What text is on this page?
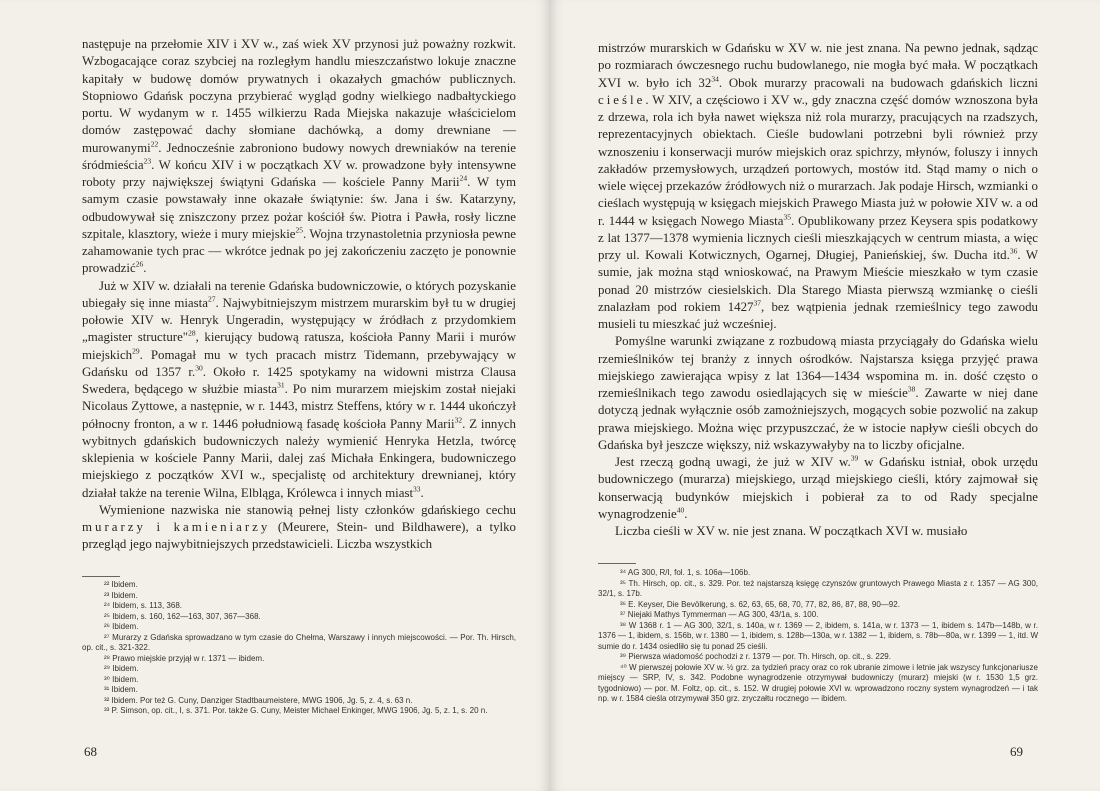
następuje na przełomie XIV i XV w., zaś wiek XV przynosi już poważny rozkwit. Wzbogacające coraz szybciej na rozległym handlu mieszczaństwo lokuje znaczne kapitały w budowę domów prywatnych i okazałych gmachów publicznych. Stopniowo Gdańsk poczyna przybierać wygląd godny wielkiego nadbałtyckiego portu. W wydanym w r. 1455 wilkierzu Rada Miejska nakazuje właścicielom domów zastępować dachy słomiane dachówką, a domy drewniane — murowanymi$^{22}$. Jednocześnie zabroniono budowy nowych drewniaków na terenie śródmieścia$^{23}$. W końcu XIV i w początkach XV w. prowadzone były intensywne roboty przy największej świątyni Gdańska — kościele Panny Marii$^{24}$. W tym samym czasie powstawały inne okazałe świątynie: św. Jana i św. Katarzyny, odbudowywał się zniszczony przez pożar kościół św. Piotra i Pawła, rosły liczne szpitale, klasztory, wieże i mury miejskie$^{25}$. Wojna trzynastoletnia przyniosła pewne zahamowanie tych prac — wkrótce jednak po jej zakończeniu zaczęto je ponownie prowadzić$^{26}$.

Już w XIV w. działali na terenie Gdańska budowniczowie, o których pozyskanie ubiegały się inne miasta$^{27}$. Najwybitniejszym mistrzem murarskim był tu w drugiej połowie XIV w. Henryk Ungeradin, występujący w źródłach z przydomkiem „magister structure"$^{28}$, kierujący budową ratusza, kościoła Panny Marii i murów miejskich$^{29}$. Pomagał mu w tych pracach mistrz Tidemann, przebywający w Gdańsku od 1357 r.$^{30}$. Około r. 1425 spotykamy na widowni mistrza Clausa Swedera, będącego w służbie miasta$^{31}$. Po nim murarzem miejskim został niejaki Nicolaus Zyttowe, a następnie, w r. 1443, mistrz Steffens, który w r. 1444 ukończył północny fronton, a w r. 1446 południową fasadę kościoła Panny Marii$^{32}$. Z innych wybitnych gdańskich budowniczych należy wymienić Henryka Hetzla, twórcę sklepienia w kościele Panny Marii, dalej zaś Michała Enkingera, budowniczego miejskiego z początków XVI w., specjalistę od architektury drewnianej, który działał także na terenie Wilna, Elbląga, Królewca i innych miast$^{33}$.

Wymienione nazwiska nie stanowią pełnej listy członków gdańskiego cechu murarzy i kamieniarzy (Meurere, Stein- und Bildhawere), a tylko przegląd jego najwybitniejszych przedstawicieli. Liczba wszystkich

²² Ibidem.
²³ Ibidem.
²⁴ Ibidem, s. 113, 368.
²⁵ Ibidem, s. 160, 162—163, 307, 367—368.
²⁶ Ibidem.
²⁷ Murarzy z Gdańska sprowadzano w tym czasie do Chełma, Warszawy i innych miejscowości. — Por. Th. Hirsch, op. cit., s. 321-322.
²⁸ Prawo miejskie przyjął w r. 1371 — ibidem.
²⁹ Ibidem.
³⁰ Ibidem.
³¹ Ibidem.
³² Ibidem. Por też G. Cuny, Danziger Stadtbaumeistere, MWG 1906, Jg. 5, z. 4, s. 63 n.
³³ P. Simson, op. cit., I, s. 371. Por. także G. Cuny, Meister Michael Enkinger, MWG 1906, Jg. 5, z. 1, s. 20 n.
68

mistrzów murarskich w Gdańsku w XV w. nie jest znana. Na pewno jednak, sądząc po rozmiarach ówczesnego ruchu budowlanego, nie mogła być mała. W początkach XVI w. było ich $32^{34}$. Obok murarzy pracowali na budowach gdańskich liczni cieśle. W XIV, a częściowo i XV w., gdy znaczna część domów wznoszona była z drzewa, rola ich była nawet większa niż rola murarzy, pracujących na rzadszych, reprezentacyjnych obiektach. Cieśle budowlani potrzebni byli również przy wznoszeniu i konserwacji murów miejskich oraz spichrzy, młynów, foluszy i innych zakładów przemysłowych, urządzeń portowych, mostów itd. Stąd mamy o nich o wiele więcej przekazów źródłowych niż o murarzach. Jak podaje Hirsch, wzmianki o cieślach występują w księgach miejskich Prawego Miasta już w połowie XIV w. a od r. 1444 w księgach Nowego Miasta$^{35}$. Opublikowany przez Keysera spis podatkowy z lat 1377—1378 wymienia licznych cieśli mieszkających w centrum miasta, a więc przy ul. Kowali Kotwicznych, Ogarnej, Długiej, Panieńskiej, św. Ducha itd.$^{36}$. W sumie, jak można stąd wnioskować, na Prawym Mieście mieszkało w tym czasie ponad 20 mistrzów ciesielskich. Dla Starego Miasta pierwszą wzmiankę o cieśli znalazłam pod rokiem 1427$^{37}$, bez wątpienia jednak rzemieślnicy tego zawodu musieli tu mieszkać już wcześniej.

Pomyślne warunki związane z rozbudową miasta przyciągały do Gdańska wielu rzemieślników tej branży z innych ośrodków. Najstarsza księga przyjęć prawa miejskiego zawierająca wpisy z lat 1364—1434 wspomina m. in. dość często o rzemieślnikach tego zawodu osiedlających się w mieście$^{38}$. Zawarte w niej dane dotyczą jednak wyłącznie osób zamożniejszych, mogących sobie pozwolić na zakup prawa miejskiego. Można więc przypuszczać, że w istocie napływ cieśli obcych do Gdańska był jeszcze większy, niż wskazywałyby na to liczby oficjalne.

Jest rzeczą godną uwagi, że już w XIV w.$^{39}$ w Gdańsku istniał, obok urzędu budowniczego (murarza) miejskiego, urząd miejskiego cieśli, który zajmował się konserwacją budynków miejskich i pobierał za to od Rady specjalne wynagrodzenie$^{40}$.

Liczba cieśli w XV w. nie jest znana. W początkach XVI w. musiało

³⁴ AG 300, R/I, fol. 1, s. 106a—106b.
³⁵ Th. Hirsch, op. cit., s. 329. Por. też najstarszą księgę czynszów gruntowych Prawego Miasta z r. 1357 — AG 300, 32/1, s. 17b.
³⁶ E. Keyser, Die Bevölkerung, s. 62, 63, 65, 68, 70, 77, 82, 86, 87, 88, 90—92.
³⁷ Niejaki Mathys Tymmerman — AG 300, 43/1a, s. 100.
³⁸ W 1368 r. 1 — AG 300, 32/1, s. 140a, w r. 1369 — 2, ibidem, s. 141a, w r. 1373 — 1, ibidem s. 147b—148b, w r. 1376 — 1, ibidem, s. 156b, w r. 1380 — 1, ibidem, s. 128b—130a, w r. 1382 — 1, ibidem, s. 78b—80a, w r. 1399 — 1, itd. W sumie do r. 1434 osiedliło się tu ponad 25 cieśli.
³⁹ Pierwsza wiadomość pochodzi z r. 1379 — por. Th. Hirsch, op. cit., s. 229.
⁴⁰ W pierwszej połowie XV w. ½ grz. za tydzień pracy oraz co rok ubranie zimowe i letnie jak wszyscy funkcjonariusze miejscy — SRP, IV, s. 342. Podobne wynagrodzenie otrzymywał budowniczy (murarz) miejski (w r. 1530 1,5 grz. tygodniowo) — por. M. Foltz, op. cit., s. 152. W drugiej połowie XVI w. wprowadzono roczny system wynagrodzeń — i tak np. w r. 1584 cieśla otrzymywał 350 grz. zryczałtu rocznego — ibidem.
69
